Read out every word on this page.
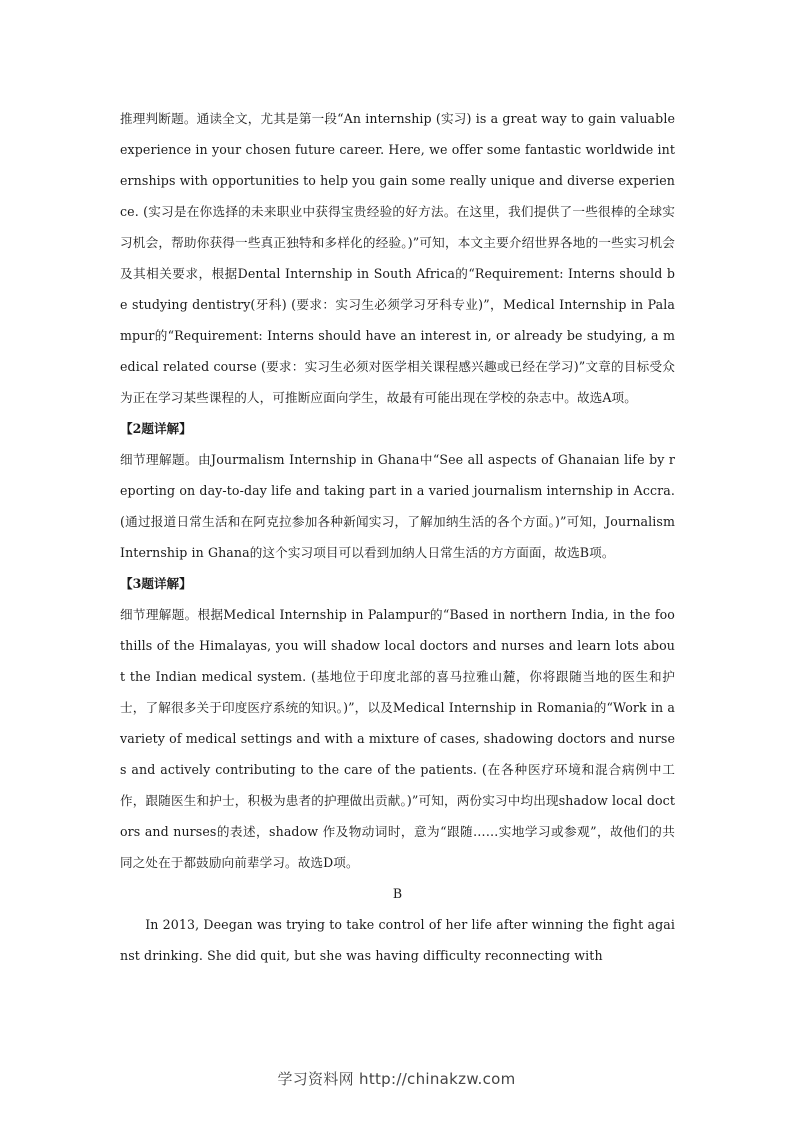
推理判断题。通读全文，尤其是第一段“An internship (实习) is a great way to gain valuable experience in your chosen future career. Here, we offer some fantastic worldwide internships with opportunities to help you gain some really unique and diverse experience. (实习是在你选择的未来职业中获得宝贵经验的好方法。在这里，我们提供了一些很棒的全球实习机会，帮助你获得一些真正独特和多样化的经验。)”可知，本文主要介绍世界各地的一些实习机会及其相关要求，根据Dental Internship in South Africa的“Requirement: Interns should be studying dentistry(牙科) (要求：实习生必须学习牙科专业)”，Medical Internship in Palampur的“Requirement: Interns should have an interest in, or already be studying, a medical related course (要求：实习生必须对医学相关课程感兴趣或已经在学习)”文章的目标受众为正在学习某些课程的人，可推断应面向学生，故最有可能出现在学校的杂志中。故选A项。

【2题详解】

细节理解题。由Jourmalism Internship in Ghana中“See all aspects of Ghanaian life by reporting on day-to-day life and taking part in a varied journalism internship in Accra. (通过报道日常生活和在阿克拉参加各种新闻实习，了解加纳生活的各个方面。)”可知，Journalism Internship in Ghana的这个实习项目可以看到加纳人日常生活的方方面面，故选B项。

【3题详解】

细节理解题。根据Medical Internship in Palampur的“Based in northern India, in the foothills of the Himalayas, you will shadow local doctors and nurses and learn lots about the Indian medical system. (基地位于印度北部的喜马拉雅山麓，你将跟随当地的医生和护士，了解很多关于印度医疗系统的知识。)”，以及Medical Internship in Romania的“Work in a variety of medical settings and with a mixture of cases, shadowing doctors and nurses and actively contributing to the care of the patients. (在各种医疗环境和混合病例中工作，跟随医生和护士，积极为患者的护理做出贡献。)”可知，两份实习中均出现shadow local doctors and nurses的表述，shadow 作及物动词时，意为“跟随……实地学习或参观”，故他们的共同之处在于都鼓励向前辈学习。故选D项。

B

In 2013, Deegan was trying to take control of her life after winning the fight against drinking. She did quit, but she was having difficulty reconnecting with

学习资料网 http://chinakzw.com
